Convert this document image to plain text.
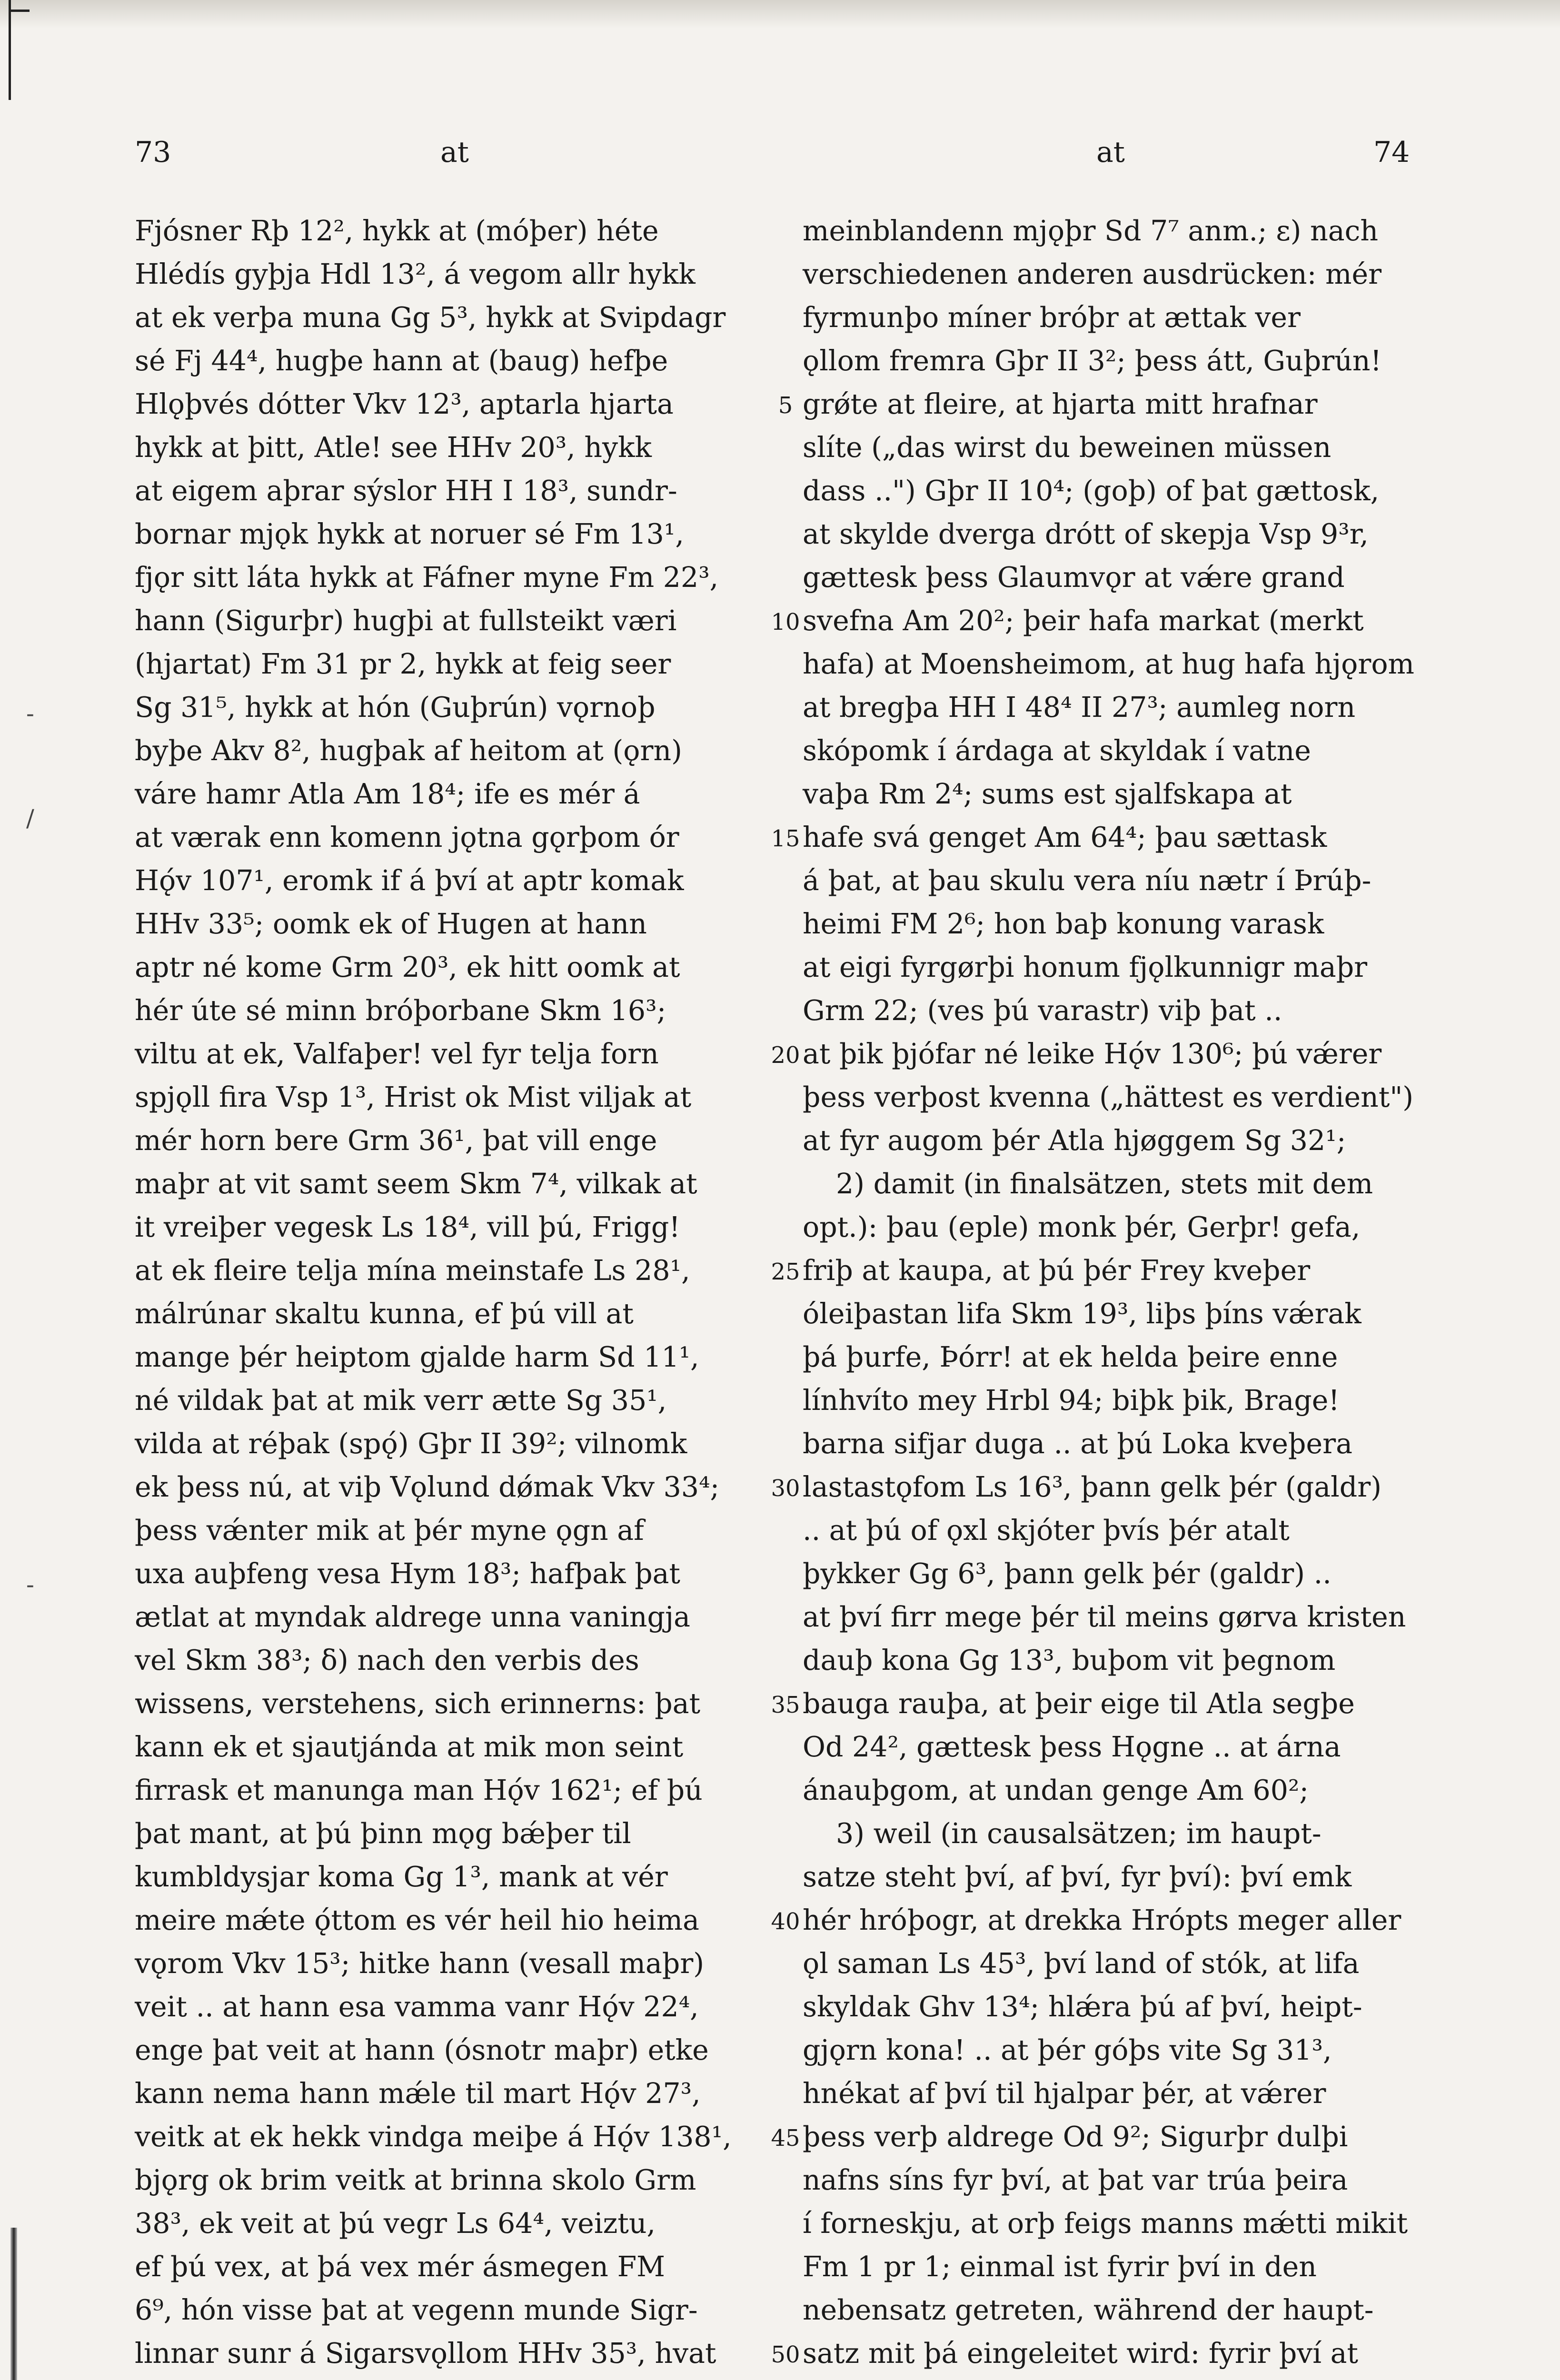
-
/
-
73	at	at	74
Fjósner Rþ 12², hykk at (móþer) héte
Hlédís gyþja Hdl 13², á vegom allr hykk
at ek verþa muna Gg 5³, hykk at Svipdagr
sé Fj 44⁴, hugþe hann at (baug) hefþe
Hlǫþvés dótter Vkv 12³, aptarla hjarta
hykk at þitt, Atle! see HHv 20³, hykk
at eigem aþrar sýslor HH I 18³, sundr-
bornar mjǫk hykk at noruer sé Fm 13¹,
fjǫr sitt láta hykk at Fáfner myne Fm 22³,
hann (Sigurþr) hugþi at fullsteikt væri
(hjartat) Fm 31 pr 2, hykk at feig seer
Sg 31⁵, hykk at hón (Guþrún) vǫrnoþ
byþe Akv 8², hugþak af heitom at (ǫrn)
váre hamr Atla Am 18⁴; ife es mér á
at værak enn komenn jǫtna gǫrþom ór
Hǫ́v 107¹, eromk if á því at aptr komak
HHv 33⁵; oomk ek of Hugen at hann
aptr né kome Grm 20³, ek hitt oomk at
hér úte sé minn bróþorbane Skm 16³;
viltu at ek, Valfaþer! vel fyr telja forn
spjǫll fira Vsp 1³, Hrist ok Mist viljak at
mér horn bere Grm 36¹, þat vill enge
maþr at vit samt seem Skm 7⁴, vilkak at
it vreiþer vegesk Ls 18⁴, vill þú, Frigg!
at ek fleire telja mína meinstafe Ls 28¹,
málrúnar skaltu kunna, ef þú vill at
mange þér heiptom gjalde harm Sd 11¹,
né vildak þat at mik verr ætte Sg 35¹,
vilda at réþak (spǫ́) Gþr II 39²; vilnomk
ek þess nú, at viþ Vǫlund dǿmak Vkv 33⁴;
þess vǽnter mik at þér myne ǫgn af
uxa auþfeng vesa Hym 18³; hafþak þat
ætlat at myndak aldrege unna vaningja
vel Skm 38³; δ) nach den verbis des
wissens, verstehens, sich erinnerns: þat
kann ek et sjautjánda at mik mon seint
firrask et manunga man Hǫ́v 162¹; ef þú
þat mant, at þú þinn mǫg bǽþer til
kumbldysjar koma Gg 1³, mank at vér
meire mǽte ǫ́ttom es vér heil hio heima
vǫrom Vkv 15³; hitke hann (vesall maþr)
veit .. at hann esa vamma vanr Hǫ́v 22⁴,
enge þat veit at hann (ósnotr maþr) etke
kann nema hann mǽle til mart Hǫ́v 27³,
veitk at ek hekk vindga meiþe á Hǫ́v 138¹,
bjǫrg ok brim veitk at brinna skolo Grm
38³, ek veit at þú vegr Ls 64⁴, veiztu,
ef þú vex, at þá vex mér ásmegen FM
6⁹, hón visse þat at vegenn munde Sigr-
linnar sunr á Sigarsvǫllom HHv 35³, hvat
meinblandenn mjǫþr Sd 7⁷ anm.; ε) nach
verschiedenen anderen ausdrücken: mér
fyrmunþo míner bróþr at ættak ver
ǫllom fremra Gþr II 3²; þess átt, Guþrún!
grǿte at fleire, at hjarta mitt hrafnar
slíte („das wirst du beweinen müssen
dass ..") Gþr II 10⁴; (goþ) of þat gættosk,
at skylde dverga drótt of skepja Vsp 9³r,
gættesk þess Glaumvǫr at vǽre grand
svefna Am 20²; þeir hafa markat (merkt
hafa) at Moensheimom, at hug hafa hjǫrom
at bregþa HH I 48⁴ II 27³; aumleg norn
skópomk í árdaga at skyldak í vatne
vaþa Rm 2⁴; sums est sjalfskapa at
hafe svá genget Am 64⁴; þau sættask
á þat, at þau skulu vera níu nætr í Þrúþ-
heimi FM 2⁶; hon baþ konung varask
at eigi fyrgørþi honum fjǫlkunnigr maþr
Grm 22; (ves þú varastr) viþ þat ..
at þik þjófar né leike Hǫ́v 130⁶; þú vǽrer
þess verþost kvenna („hättest es verdient")
at fyr augom þér Atla hjøggem Sg 32¹;
2) damit (in finalsätzen, stets mit dem
opt.): þau (eple) monk þér, Gerþr! gefa,
friþ at kaupa, at þú þér Frey kveþer
óleiþastan lifa Skm 19³, liþs þíns vǽrak
þá þurfe, Þórr! at ek helda þeire enne
línhvíto mey Hrbl 94; biþk þik, Brage!
barna sifjar duga .. at þú Loka kveþera
lastastǫfom Ls 16³, þann gelk þér (galdr)
.. at þú of ǫxl skjóter þvís þér atalt
þykker Gg 6³, þann gelk þér (galdr) ..
at því firr mege þér til meins gørva kristen
dauþ kona Gg 13³, buþom vit þegnom
bauga rauþa, at þeir eige til Atla segþe
Od 24², gættesk þess Hǫgne .. at árna
ánauþgom, at undan genge Am 60²;
3) weil (in causalsätzen; im haupt-
satze steht því, af því, fyr því): því emk
hér hróþogr, at drekka Hrópts meger aller
ǫl saman Ls 45³, því land of stók, at lifa
skyldak Ghv 13⁴; hlǽra þú af því, heipt-
gjǫrn kona! .. at þér góþs vite Sg 31³,
hnékat af því til hjalpar þér, at vǽrer
þess verþ aldrege Od 9²; Sigurþr dulþi
nafns síns fyr því, at þat var trúa þeira
í forneskju, at orþ feigs manns mǽtti mikit
Fm 1 pr 1; einmal ist fyrir því in den
nebensatz getreten, während der haupt-
satz mit þá eingeleitet wird: fyrir því at
5
10
15
20
25
30
35
40
45
50
